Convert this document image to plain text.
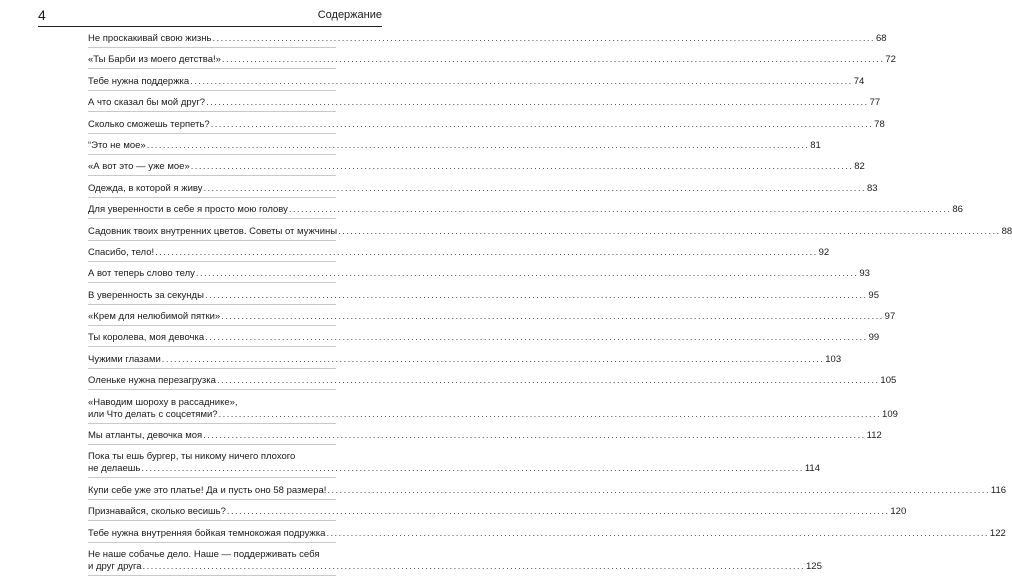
4	Содержание
Не проскакивай свою жизнь .....	68
«Ты Барби из моего детства!» .....	72
Тебе нужна поддержка .....	74
А что сказал бы мой друг? .....	77
Сколько сможешь терпеть? .....	78
“Это не мое» .....	81
«А вот это — уже мое» .....	82
Одежда, в которой я живу .....	83
Для уверенности в себе я просто мою голову .....	86
Садовник твоих внутренних цветов. Советы от мужчины .....	88
Спасибо, тело! .....	92
А вот теперь слово телу .....	93
В уверенность за секунды .....	95
«Крем для нелюбимой пятки» .....	97
Ты королева, моя девочка .....	99
Чужими глазами .....	103
Оленьке нужна перезагрузка .....	105
«Наводим шороху в рассаднике»,
или Что делать с соцсетями? .....	109
Мы атланты, девочка моя .....	112
Пока ты ешь бургер, ты никому ничего плохого
не делаешь .....	114
Купи себе уже это платье! Да и пусть оно 58 размера! .....	116
Признавайся, сколько весишь? .....	120
Тебе нужна внутренняя бойкая темнокожая подружка .....	122
Не наше собачье дело. Наше — поддерживать себя
и друг друга .....	125
